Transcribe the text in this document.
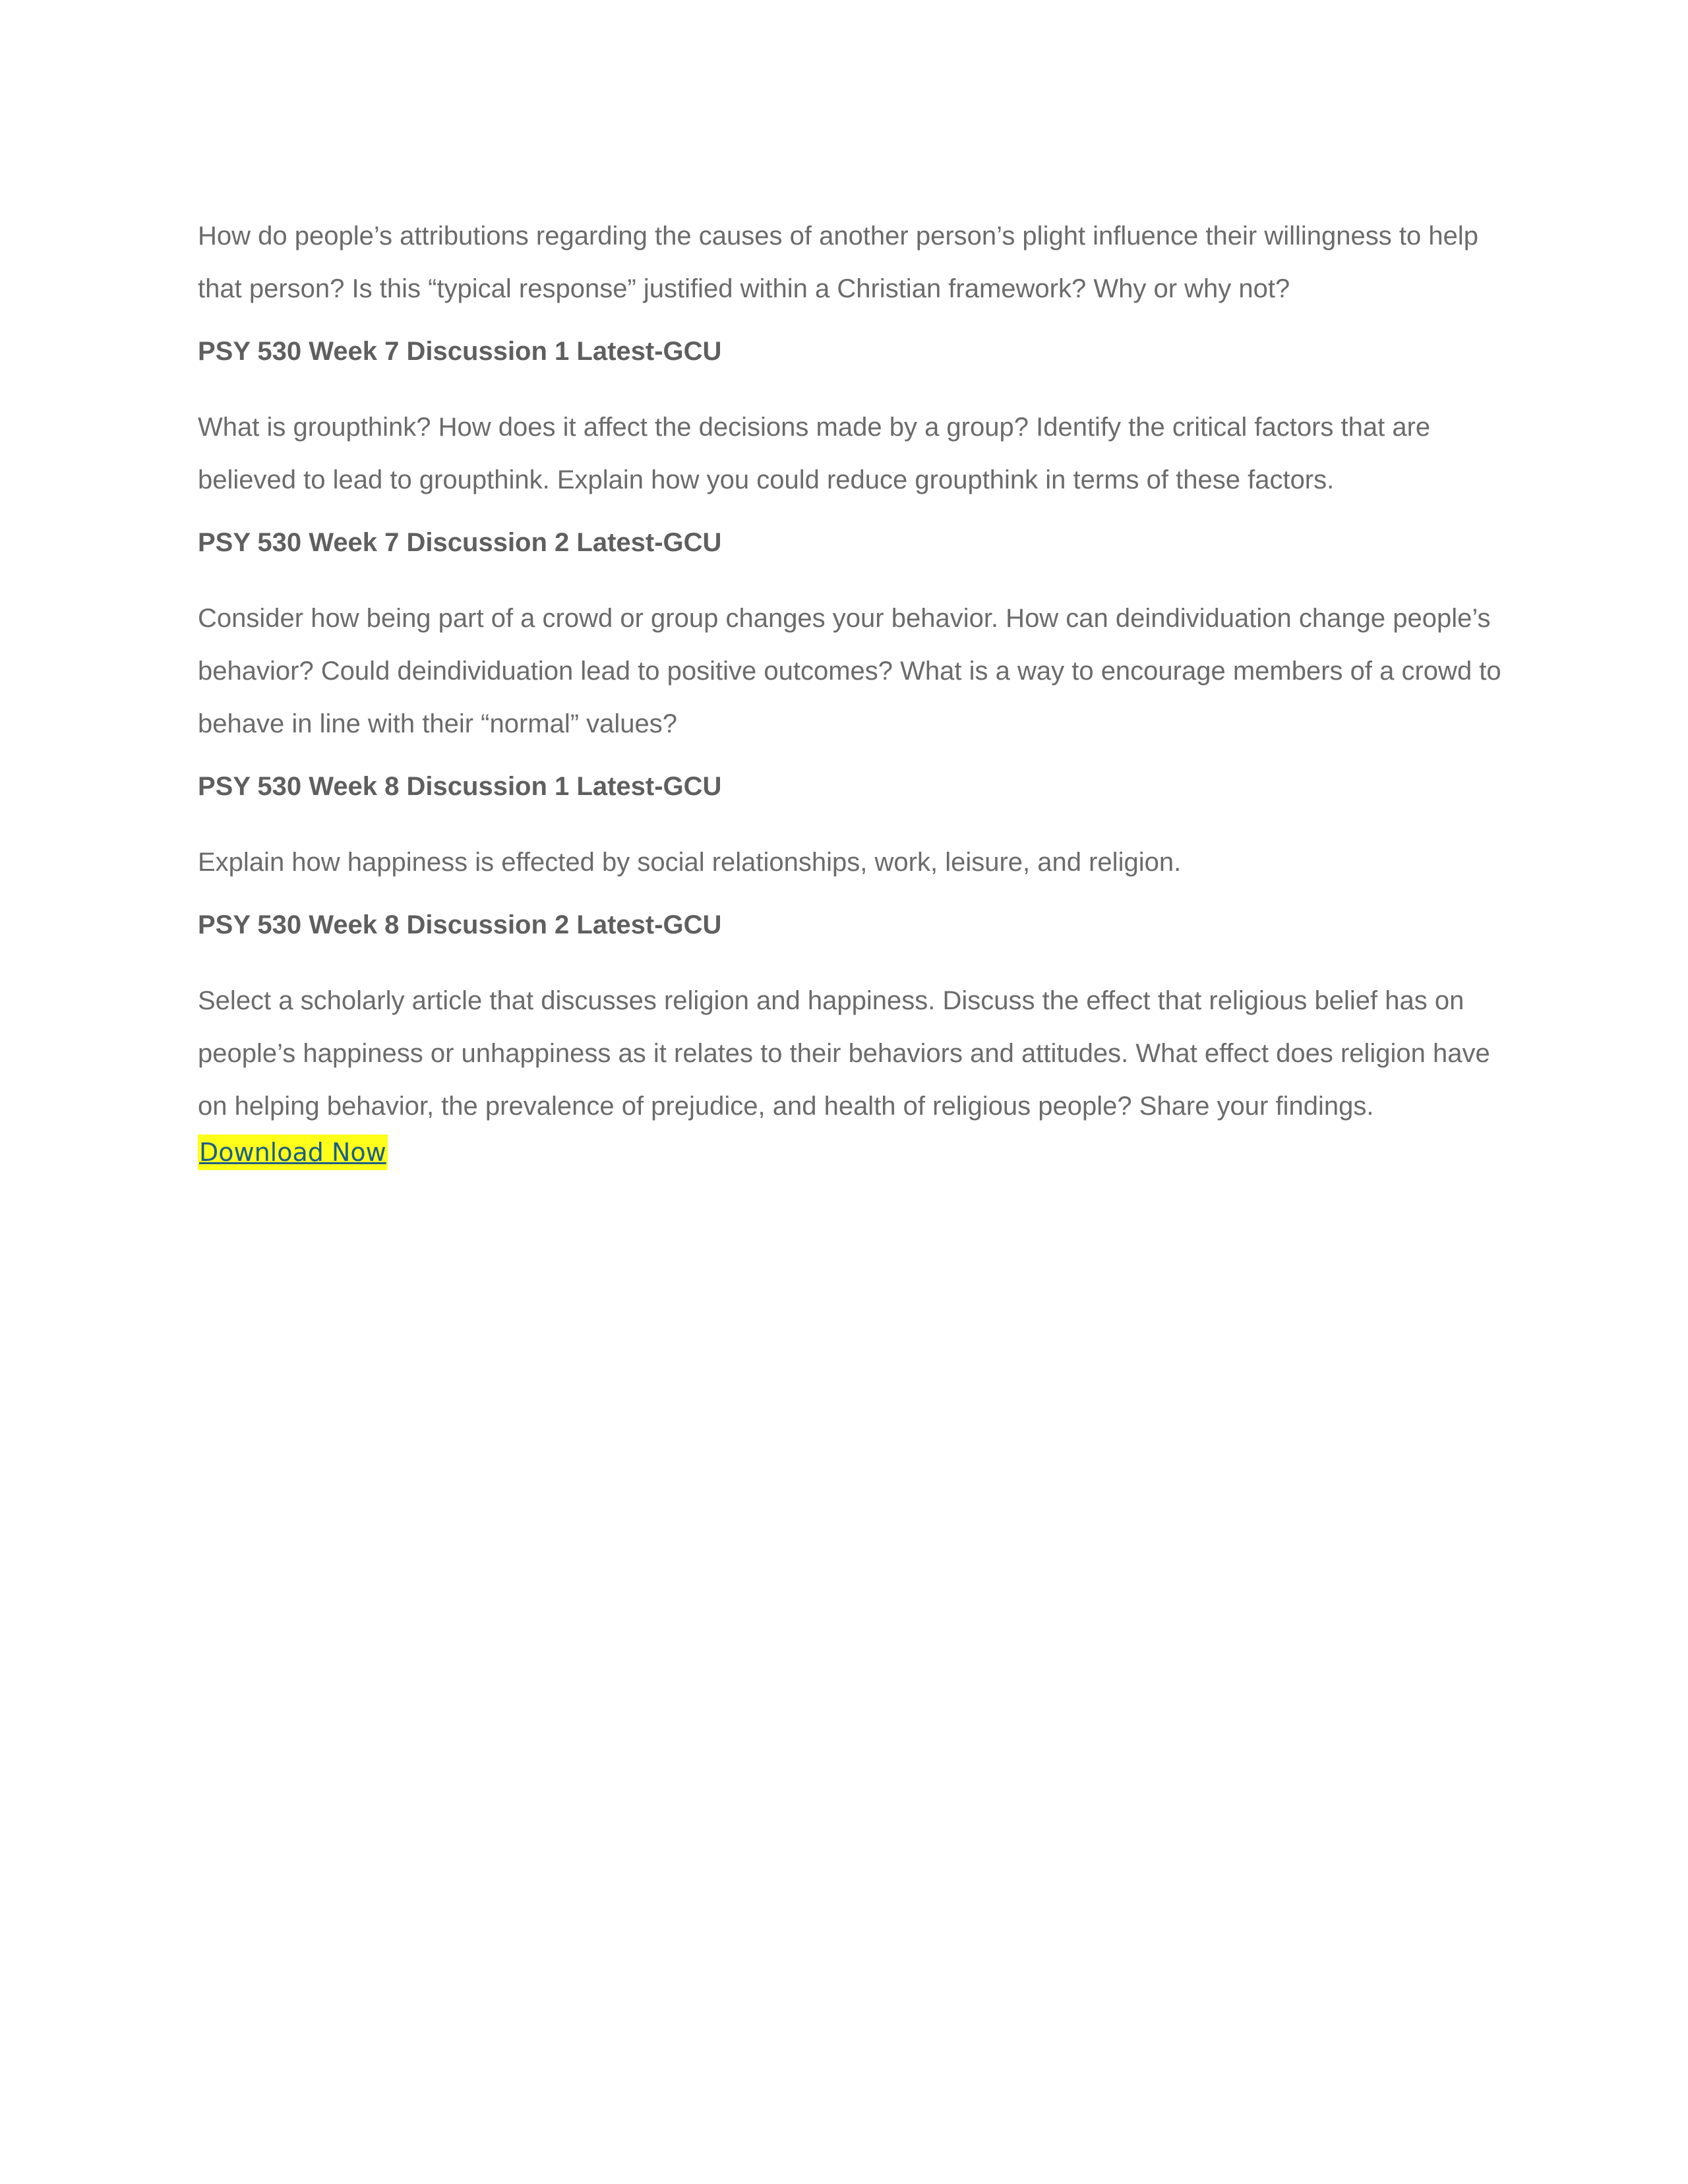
How do people’s attributions regarding the causes of another person’s plight influence their willingness to help that person? Is this “typical response” justified within a Christian framework? Why or why not?

PSY 530 Week 7 Discussion 1 Latest-GCU

What is groupthink? How does it affect the decisions made by a group? Identify the critical factors that are believed to lead to groupthink. Explain how you could reduce groupthink in terms of these factors.

PSY 530 Week 7 Discussion 2 Latest-GCU

Consider how being part of a crowd or group changes your behavior. How can deindividuation change people’s behavior? Could deindividuation lead to positive outcomes? What is a way to encourage members of a crowd to behave in line with their “normal” values?

PSY 530 Week 8 Discussion 1 Latest-GCU

Explain how happiness is effected by social relationships, work, leisure, and religion.

PSY 530 Week 8 Discussion 2 Latest-GCU

Select a scholarly article that discusses religion and happiness. Discuss the effect that religious belief has on people’s happiness or unhappiness as it relates to their behaviors and attitudes. What effect does religion have on helping behavior, the prevalence of prejudice, and health of religious people? Share your findings.

Download Now
